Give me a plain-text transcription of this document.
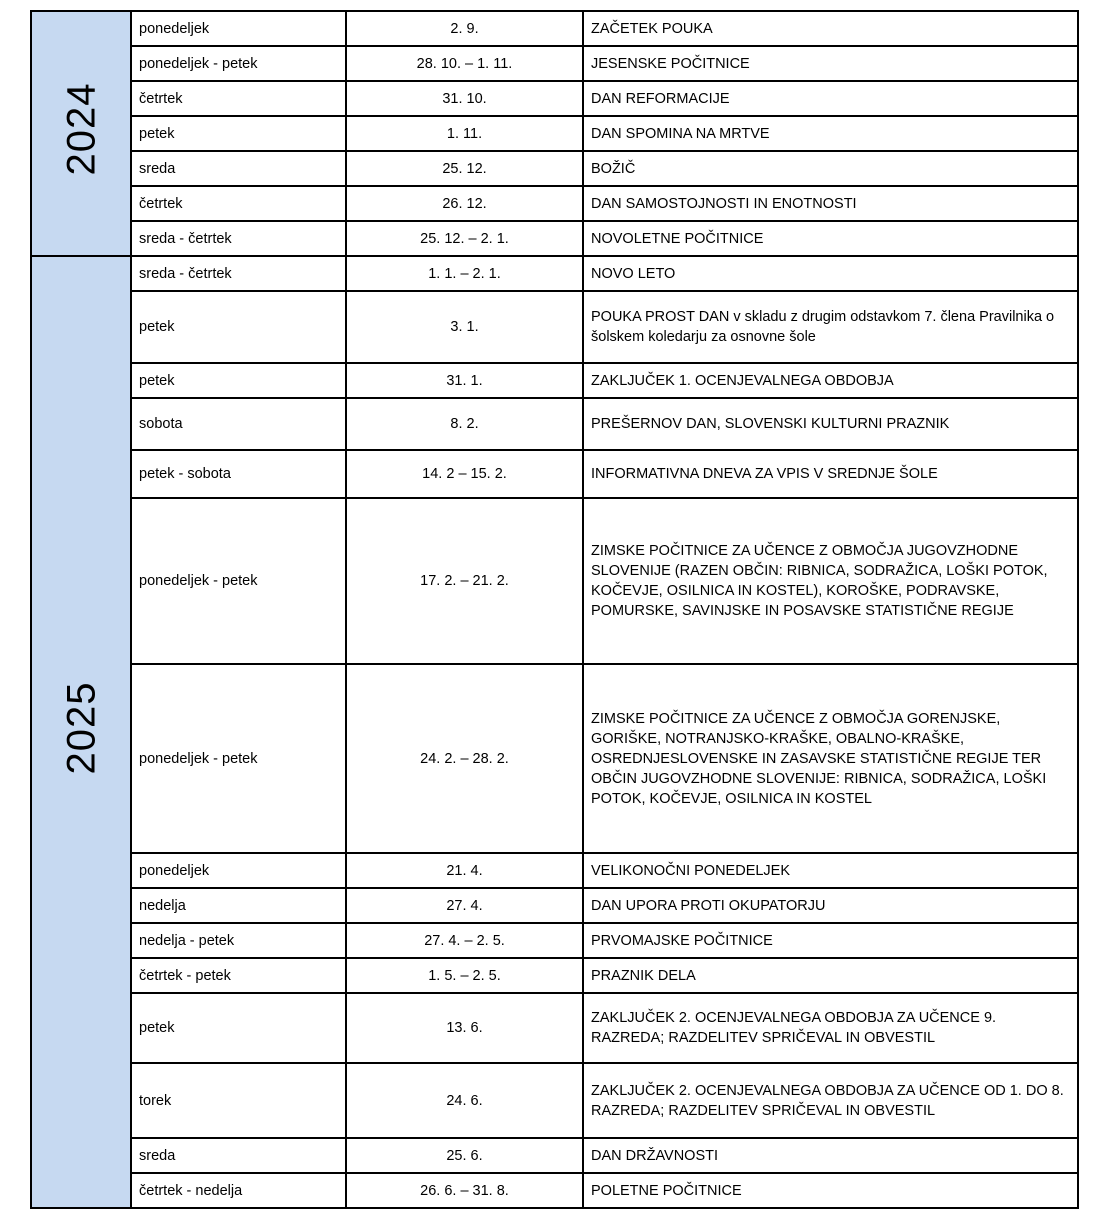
2024	ponedeljek	2. 9.	ZAČETEK POUKA
	ponedeljek - petek	28. 10. – 1. 11.	JESENSKE POČITNICE
	četrtek	31. 10.	DAN REFORMACIJE
	petek	1. 11.	DAN SPOMINA NA MRTVE
	sreda	25. 12.	BOŽIČ
	četrtek	26. 12.	DAN SAMOSTOJNOSTI IN ENOTNOSTI
	sreda - četrtek	25. 12. – 2. 1.	NOVOLETNE POČITNICE
2025	sreda - četrtek	1. 1. – 2. 1.	NOVO LETO
	petek	3. 1.	POUKA PROST DAN v skladu z drugim odstavkom 7. člena Pravilnika o šolskem koledarju za osnovne šole
	petek	31. 1.	ZAKLJUČEK 1. OCENJEVALNEGA OBDOBJA
	sobota	8. 2.	PREŠERNOV DAN, SLOVENSKI KULTURNI PRAZNIK
	petek - sobota	14. 2 – 15. 2.	INFORMATIVNA DNEVA ZA VPIS V SREDNJE ŠOLE
	ponedeljek - petek	17. 2. – 21. 2.	ZIMSKE POČITNICE ZA UČENCE Z OBMOČJA JUGOVZHODNE SLOVENIJE (RAZEN OBČIN: RIBNICA, SODRAŽICA, LOŠKI POTOK, KOČEVJE, OSILNICA IN KOSTEL), KOROŠKE, PODRAVSKE, POMURSKE, SAVINJSKE IN POSAVSKE STATISTIČNE REGIJE
	ponedeljek - petek	24. 2. – 28. 2.	ZIMSKE POČITNICE ZA UČENCE Z OBMOČJA GORENJSKE, GORIŠKE, NOTRANJSKO-KRAŠKE, OBALNO-KRAŠKE, OSREDNJESLOVENSKE IN ZASAVSKE STATISTIČNE REGIJE TER OBČIN JUGOVZHODNE SLOVENIJE: RIBNICA, SODRAŽICA, LOŠKI POTOK, KOČEVJE, OSILNICA IN KOSTEL
	ponedeljek	21. 4.	VELIKONOČNI PONEDELJEK
	nedelja	27. 4.	DAN UPORA PROTI OKUPATORJU
	nedelja - petek	27. 4. – 2. 5.	PRVOMAJSKE POČITNICE
	četrtek - petek	1. 5. – 2. 5.	PRAZNIK DELA
	petek	13. 6.	ZAKLJUČEK 2. OCENJEVALNEGA OBDOBJA ZA UČENCE 9. RAZREDA; RAZDELITEV SPRIČEVAL IN OBVESTIL
	torek	24. 6.	ZAKLJUČEK 2. OCENJEVALNEGA OBDOBJA ZA UČENCE OD 1. DO 8. RAZREDA; RAZDELITEV SPRIČEVAL IN OBVESTIL
	sreda	25. 6.	DAN DRŽAVNOSTI
	četrtek - nedelja	26. 6. – 31. 8.	POLETNE POČITNICE
